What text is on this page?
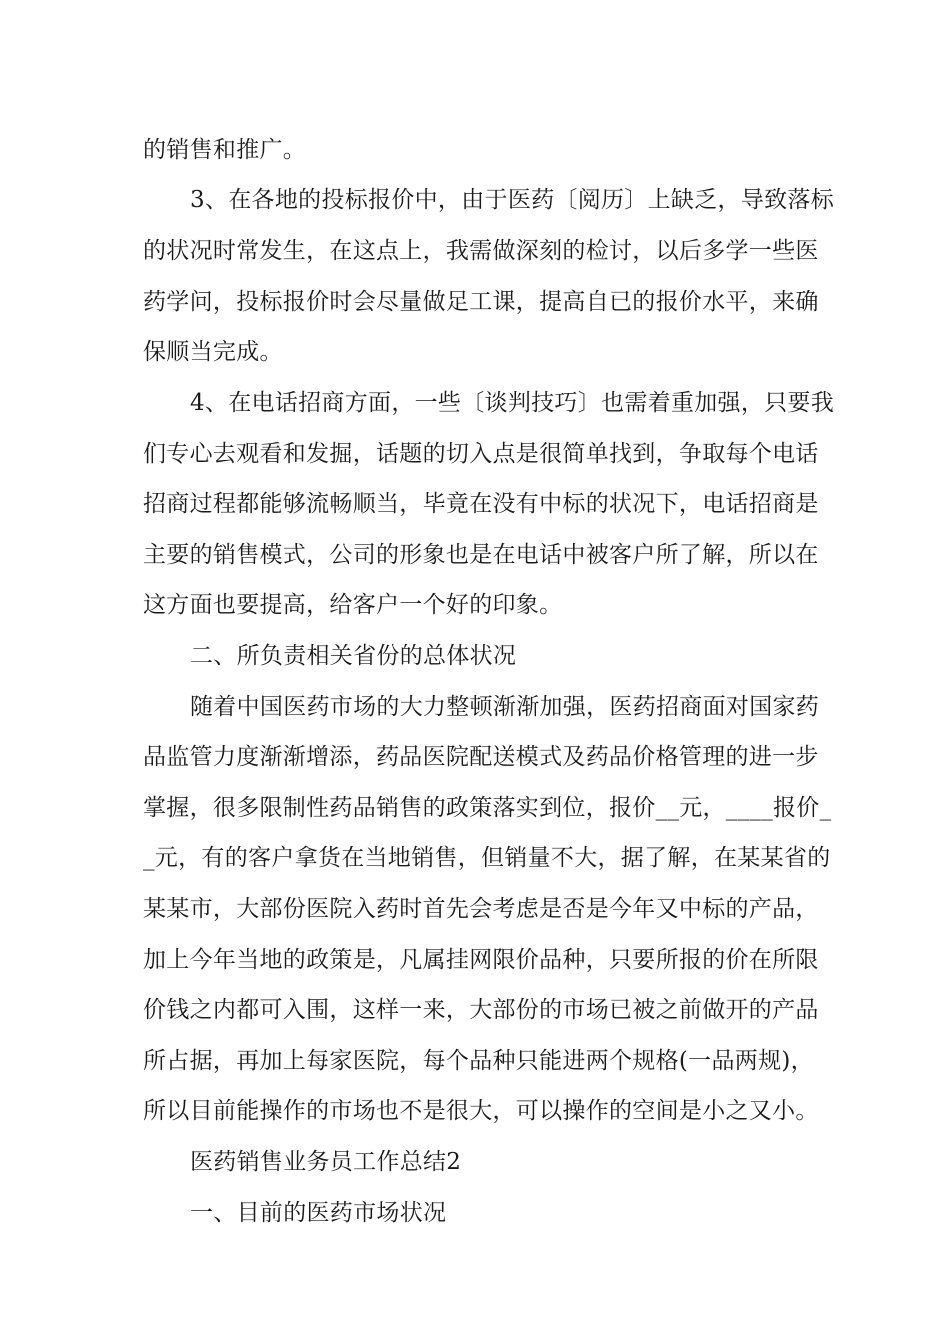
的销售和推广。
3、在各地的投标报价中，由于医药〔阅历〕上缺乏，导致落标
的状况时常发生，在这点上，我需做深刻的检讨，以后多学一些医
药学问，投标报价时会尽量做足工课，提高自已的报价水平，来确
保顺当完成。
4、在电话招商方面，一些〔谈判技巧〕也需着重加强，只要我
们专心去观看和发掘，话题的切入点是很简单找到，争取每个电话
招商过程都能够流畅顺当，毕竟在没有中标的状况下，电话招商是
主要的销售模式，公司的形象也是在电话中被客户所了解，所以在
这方面也要提高，给客户一个好的印象。
二、所负责相关省份的总体状况
随着中国医药市场的大力整顿渐渐加强，医药招商面对国家药
品监管力度渐渐增添，药品医院配送模式及药品价格管理的进一步
掌握，很多限制性药品销售的政策落实到位，报价__元，____报价_
_元，有的客户拿货在当地销售，但销量不大，据了解，在某某省的
某某市，大部份医院入药时首先会考虑是否是今年又中标的产品，
加上今年当地的政策是，凡属挂网限价品种，只要所报的价在所限
价钱之内都可入围，这样一来，大部份的市场已被之前做开的产品
所占据，再加上每家医院，每个品种只能进两个规格(一品两规)，
所以目前能操作的市场也不是很大，可以操作的空间是小之又小。
医药销售业务员工作总结2
一、目前的医药市场状况
